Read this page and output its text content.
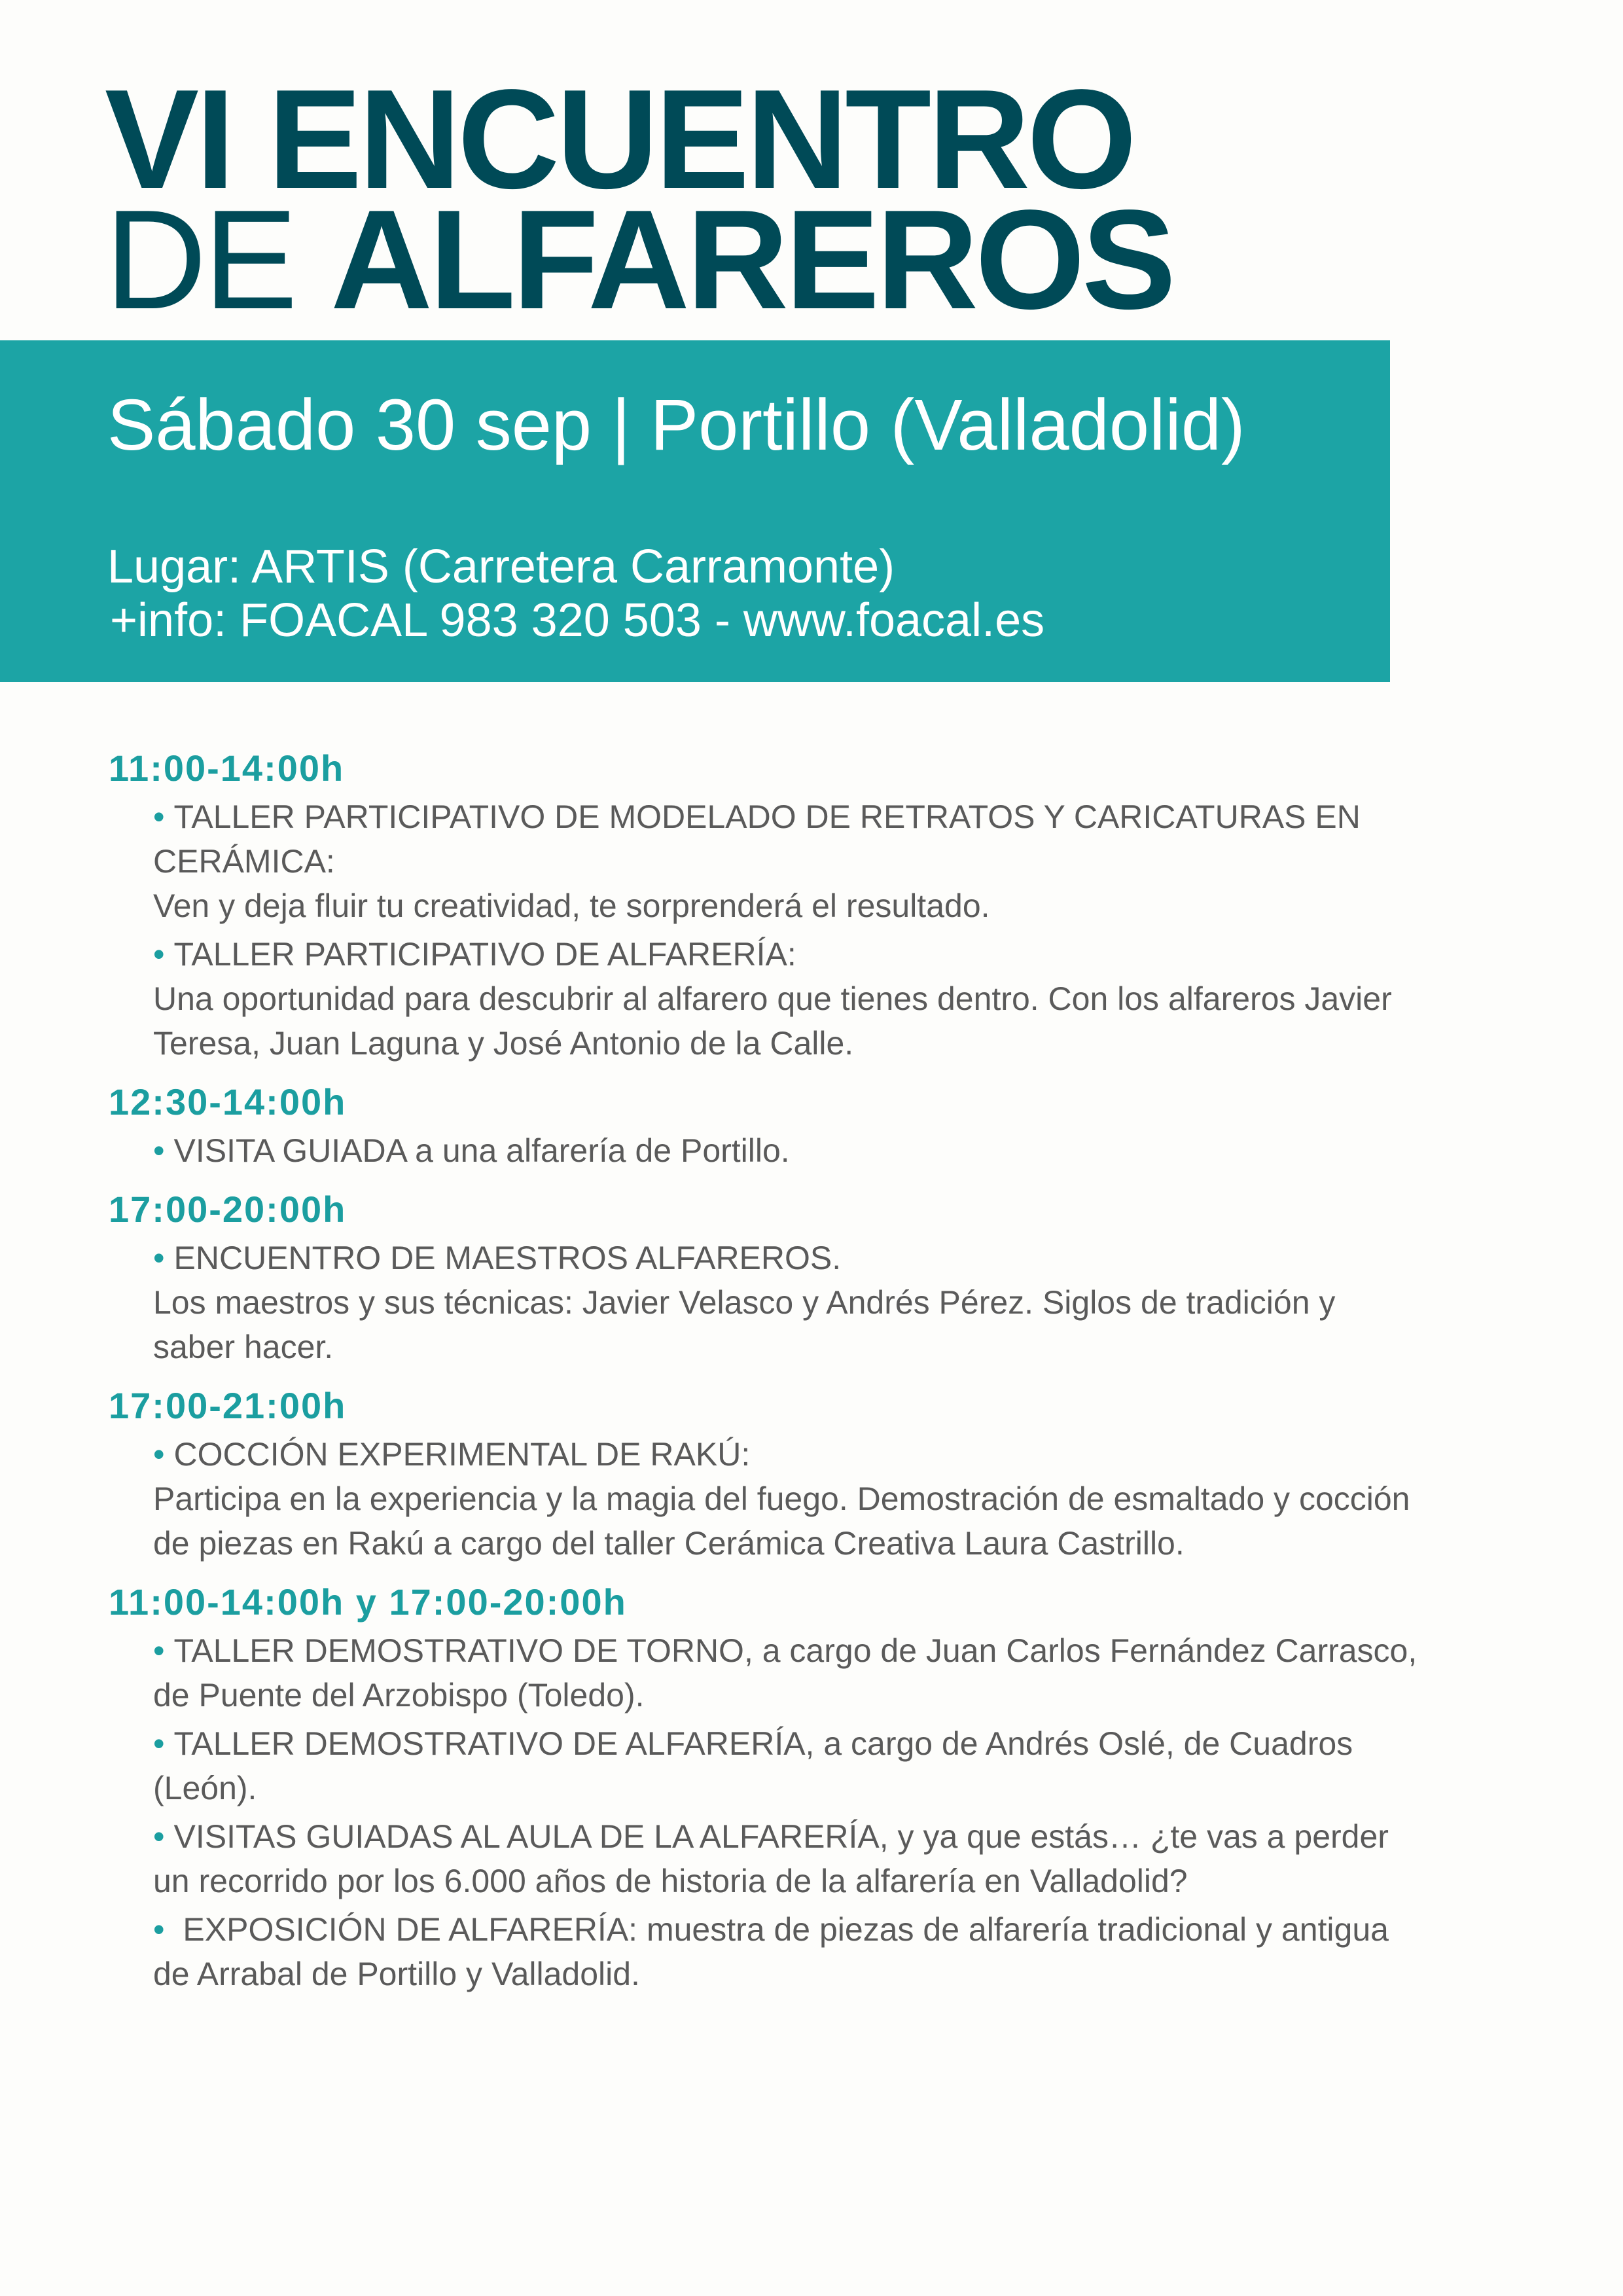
VI ENCUENTRO
DE ALFAREROS
Sábado 30 sep | Portillo (Valladolid)
Lugar: ARTIS (Carretera Carramonte)
+info: FOACAL 983 320 503 - www.foacal.es
11:00-14:00h
• TALLER PARTICIPATIVO DE MODELADO DE RETRATOS Y CARICATURAS EN CERÁMICA:
Ven y deja fluir tu creatividad, te sorprenderá el resultado.
• TALLER PARTICIPATIVO DE ALFARERÍA:
Una oportunidad para descubrir al alfarero que tienes dentro. Con los alfareros Javier Teresa, Juan Laguna y José Antonio de la Calle.
12:30-14:00h
• VISITA GUIADA a una alfarería de Portillo.
17:00-20:00h
• ENCUENTRO DE MAESTROS ALFAREROS.
Los maestros y sus técnicas: Javier Velasco y Andrés Pérez. Siglos de tradición y saber hacer.
17:00-21:00h
• COCCIÓN EXPERIMENTAL DE RAKÚ:
Participa en la experiencia y la magia del fuego. Demostración de esmaltado y cocción de piezas en Rakú a cargo del taller Cerámica Creativa Laura Castrillo.
11:00-14:00h y 17:00-20:00h
• TALLER DEMOSTRATIVO DE TORNO, a cargo de Juan Carlos Fernández Carrasco, de Puente del Arzobispo (Toledo).
• TALLER DEMOSTRATIVO DE ALFARERÍA, a cargo de Andrés Oslé, de Cuadros (León).
• VISITAS GUIADAS AL AULA DE LA ALFARERÍA, y ya que estás… ¿te vas a perder un recorrido por los 6.000 años de historia de la alfarería en Valladolid?
• EXPOSICIÓN DE ALFARERÍA: muestra de piezas de alfarería tradicional y antigua de Arrabal de Portillo y Valladolid.
